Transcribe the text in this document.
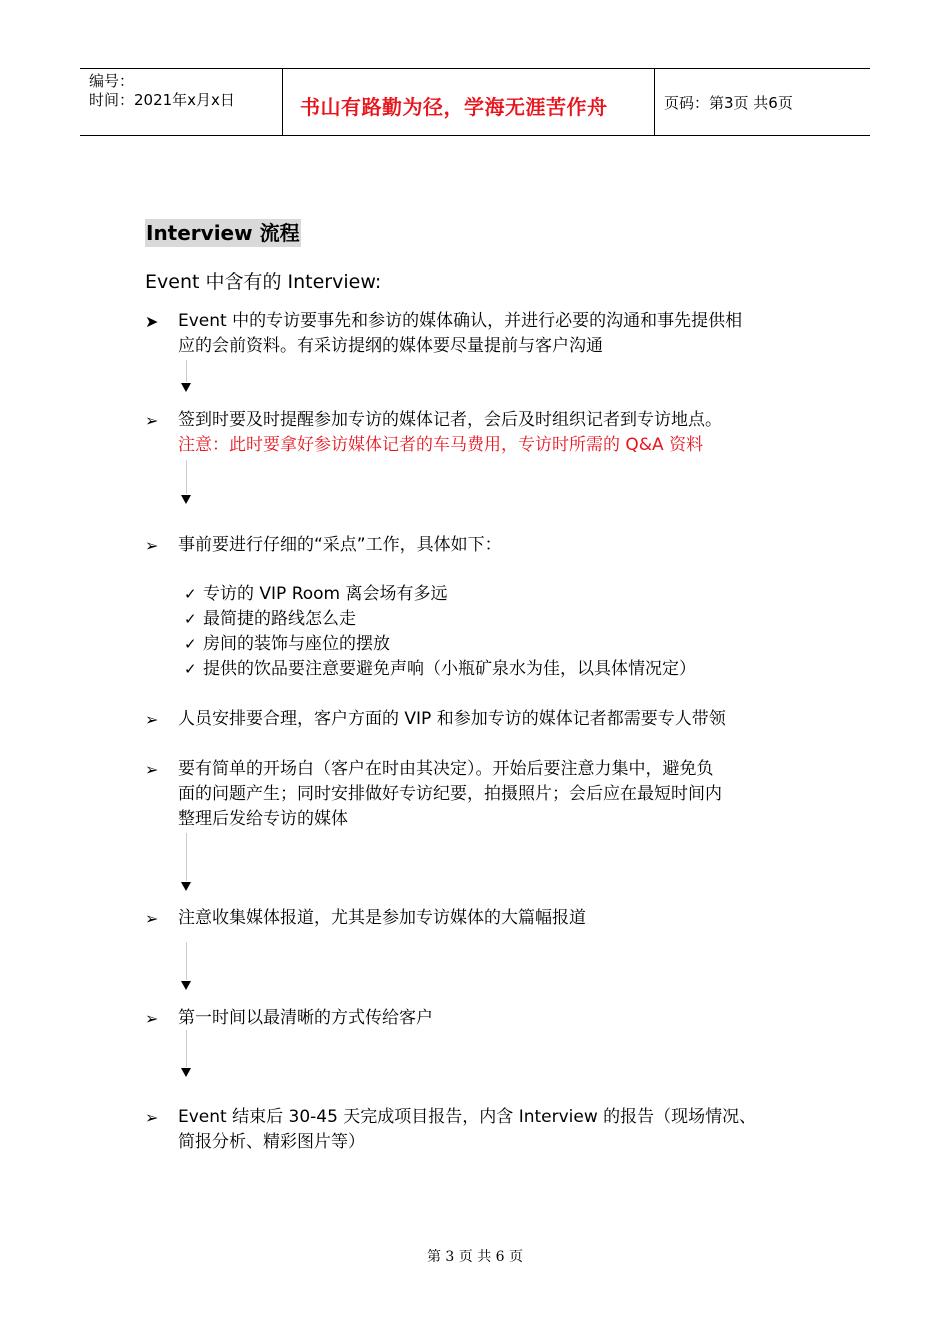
编号：
时间：2021年x月x日	书山有路勤为径，学海无涯苦作舟	页码：第3页 共6页
Interview 流程
Event 中含有的 Interview:
➤	Event 中的专访要事先和参访的媒体确认，并进行必要的沟通和事先提供相
应的会前资料。有采访提纲的媒体要尽量提前与客户沟通
➢	签到时要及时提醒参加专访的媒体记者，会后及时组织记者到专访地点。
注意：此时要拿好参访媒体记者的车马费用，专访时所需的 Q&A 资料
➢	事前要进行仔细的“采点”工作，具体如下：
✓ 专访的 VIP Room 离会场有多远
✓ 最简捷的路线怎么走
✓ 房间的装饰与座位的摆放
✓ 提供的饮品要注意要避免声响（小瓶矿泉水为佳，以具体情况定）
➢	人员安排要合理，客户方面的 VIP 和参加专访的媒体记者都需要专人带领
➢	要有简单的开场白（客户在时由其决定）。开始后要注意力集中，避免负
面的问题产生；同时安排做好专访纪要，拍摄照片；会后应在最短时间内
整理后发给专访的媒体
➢	注意收集媒体报道，尤其是参加专访媒体的大篇幅报道
➢	第一时间以最清晰的方式传给客户
➢	Event 结束后 30-45 天完成项目报告，内含 Interview 的报告（现场情况、
简报分析、精彩图片等）
第 3 页 共 6 页
